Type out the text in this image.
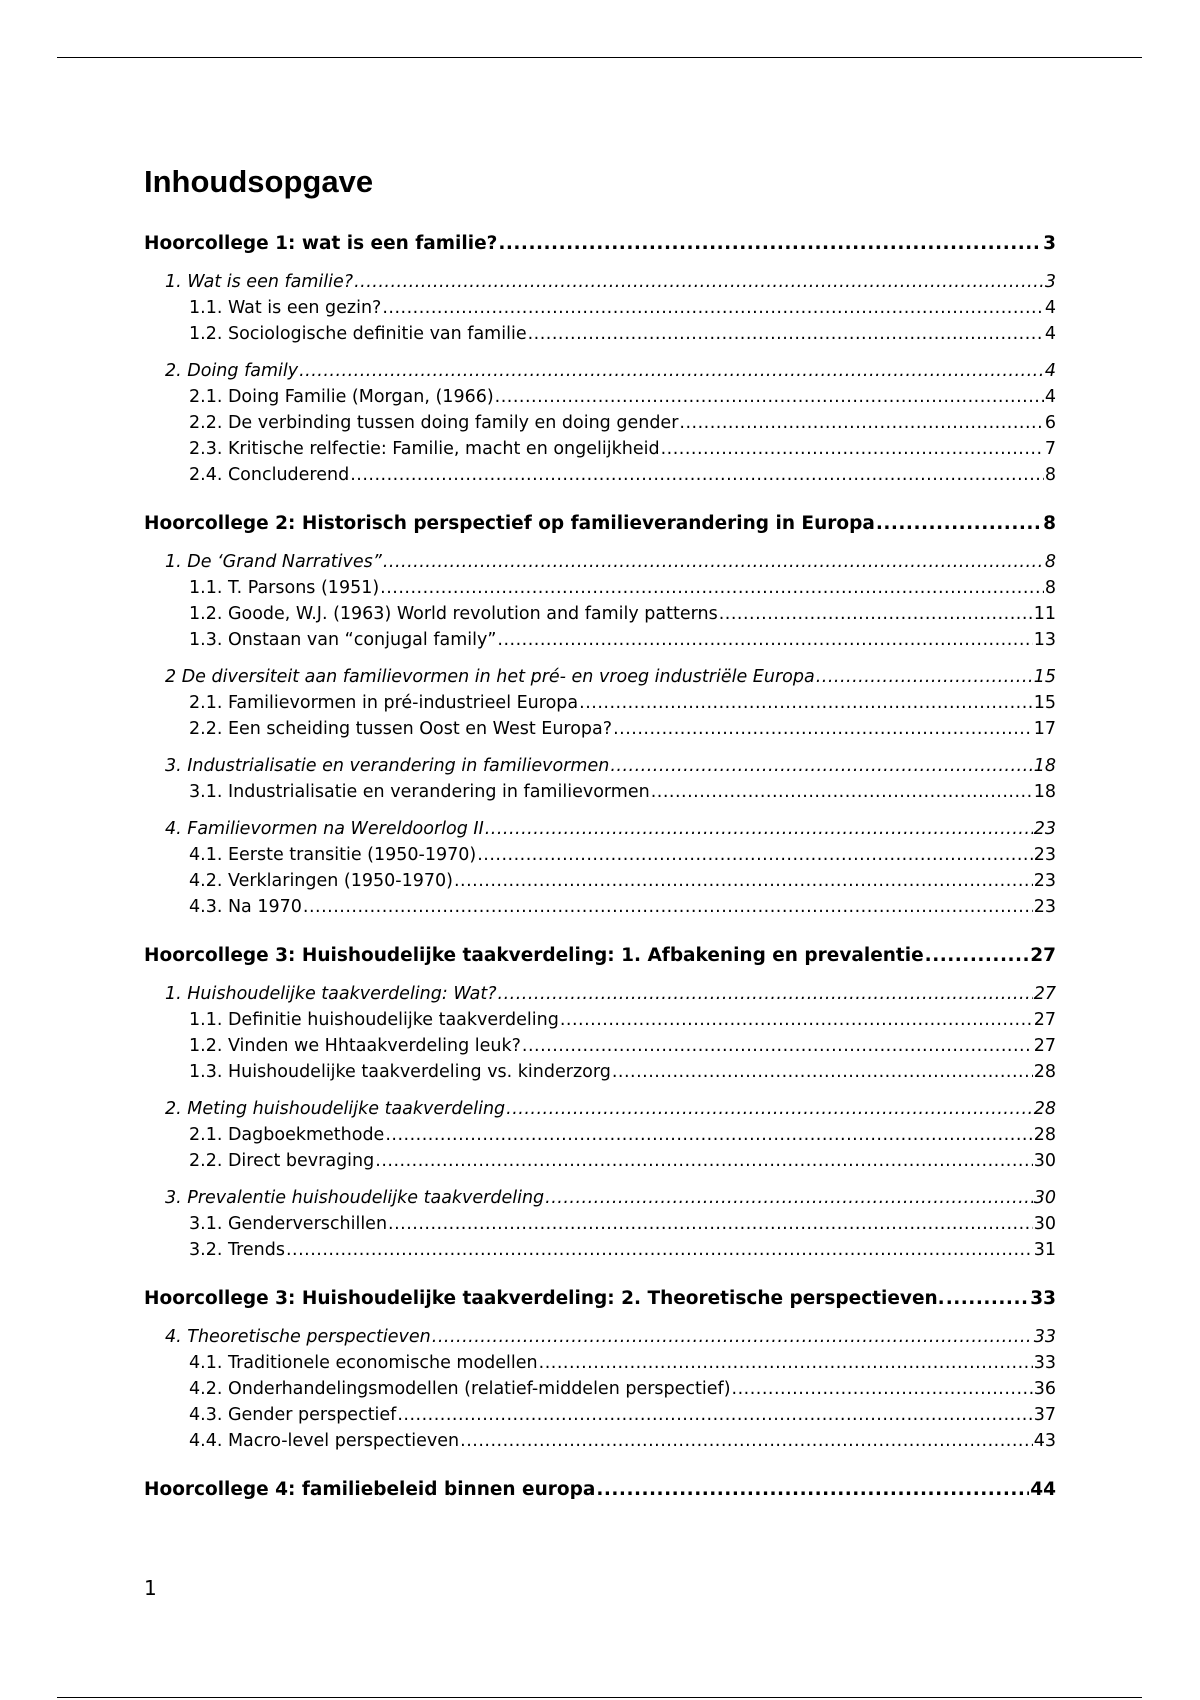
Inhoudsopgave
Hoorcollege 1: wat is een familie? .....	3
1. Wat is een familie? .....	3
1.1. Wat is een gezin? .....	4
1.2. Sociologische definitie van familie .....	4
2. Doing family .....	4
2.1. Doing Familie (Morgan, (1966) .....	4
2.2. De verbinding tussen doing family en doing gender .....	6
2.3. Kritische relfectie: Familie, macht en ongelijkheid .....	7
2.4. Concluderend .....	8
Hoorcollege 2: Historisch perspectief op familieverandering in Europa .....	8
1. De ‘Grand Narratives” .....	8
1.1. T. Parsons (1951) .....	8
1.2. Goode, W.J. (1963) World revolution and family patterns .....	11
1.3. Onstaan van “conjugal family” .....	13
2 De diversiteit aan familievormen in het pré- en vroeg industriële Europa .....	15
2.1. Familievormen in pré-industrieel Europa .....	15
2.2. Een scheiding tussen Oost en West Europa? .....	17
3. Industrialisatie en verandering in familievormen .....	18
3.1. Industrialisatie en verandering in familievormen .....	18
4. Familievormen na Wereldoorlog II .....	23
4.1. Eerste transitie (1950-1970) .....	23
4.2. Verklaringen (1950-1970) .....	23
4.3. Na 1970 .....	23
Hoorcollege 3: Huishoudelijke taakverdeling: 1. Afbakening en prevalentie .....	27
1. Huishoudelijke taakverdeling: Wat? .....	27
1.1. Definitie huishoudelijke taakverdeling .....	27
1.2. Vinden we Hhtaakverdeling leuk? .....	27
1.3. Huishoudelijke taakverdeling vs. kinderzorg .....	28
2. Meting huishoudelijke taakverdeling .....	28
2.1. Dagboekmethode .....	28
2.2. Direct bevraging .....	30
3. Prevalentie huishoudelijke taakverdeling .....	30
3.1. Genderverschillen .....	30
3.2. Trends .....	31
Hoorcollege 3: Huishoudelijke taakverdeling: 2. Theoretische perspectieven. .....	33
4. Theoretische perspectieven .....	33
4.1. Traditionele economische modellen .....	33
4.2. Onderhandelingsmodellen (relatief-middelen perspectief) .....	36
4.3. Gender perspectief .....	37
4.4. Macro-level perspectieven .....	43
Hoorcollege 4: familiebeleid binnen europa .....	44
1
